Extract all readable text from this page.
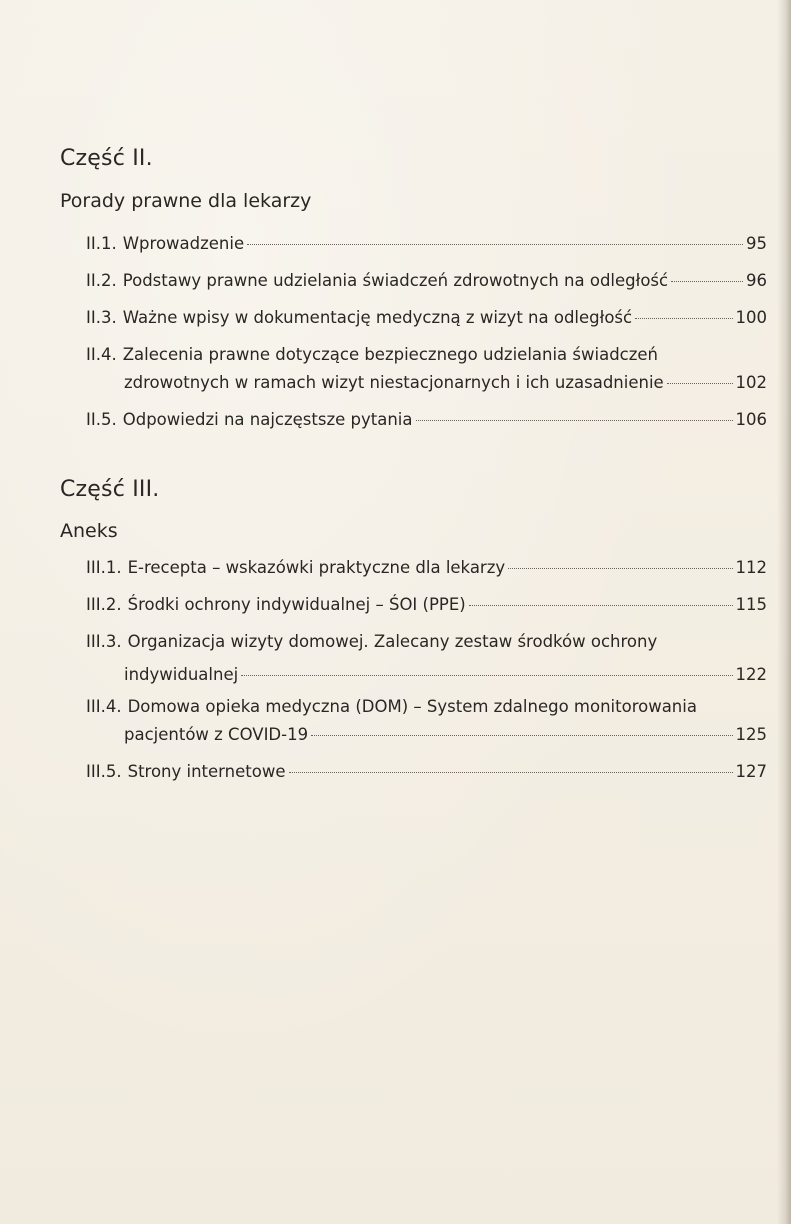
Część II.

Porady prawne dla lekarzy

II.1. Wprowadzenie	95
II.2. Podstawy prawne udzielania świadczeń zdrowotnych na odległość	96
II.3. Ważne wpisy w dokumentację medyczną z wizyt na odległość	100
II.4. Zalecenia prawne dotyczące bezpiecznego udzielania świadczeń
zdrowotnych w ramach wizyt niestacjonarnych i ich uzasadnienie	102
II.5. Odpowiedzi na najczęstsze pytania	106
Część III.

Aneks

III.1. E-recepta – wskazówki praktyczne dla lekarzy	112
III.2. Środki ochrony indywidualnej – ŚOI (PPE)	115
III.3. Organizacja wizyty domowej. Zalecany zestaw środków ochrony
indywidualnej	122
III.4. Domowa opieka medyczna (DOM) – System zdalnego monitorowania
pacjentów z COVID-19	125
III.5. Strony internetowe	127
